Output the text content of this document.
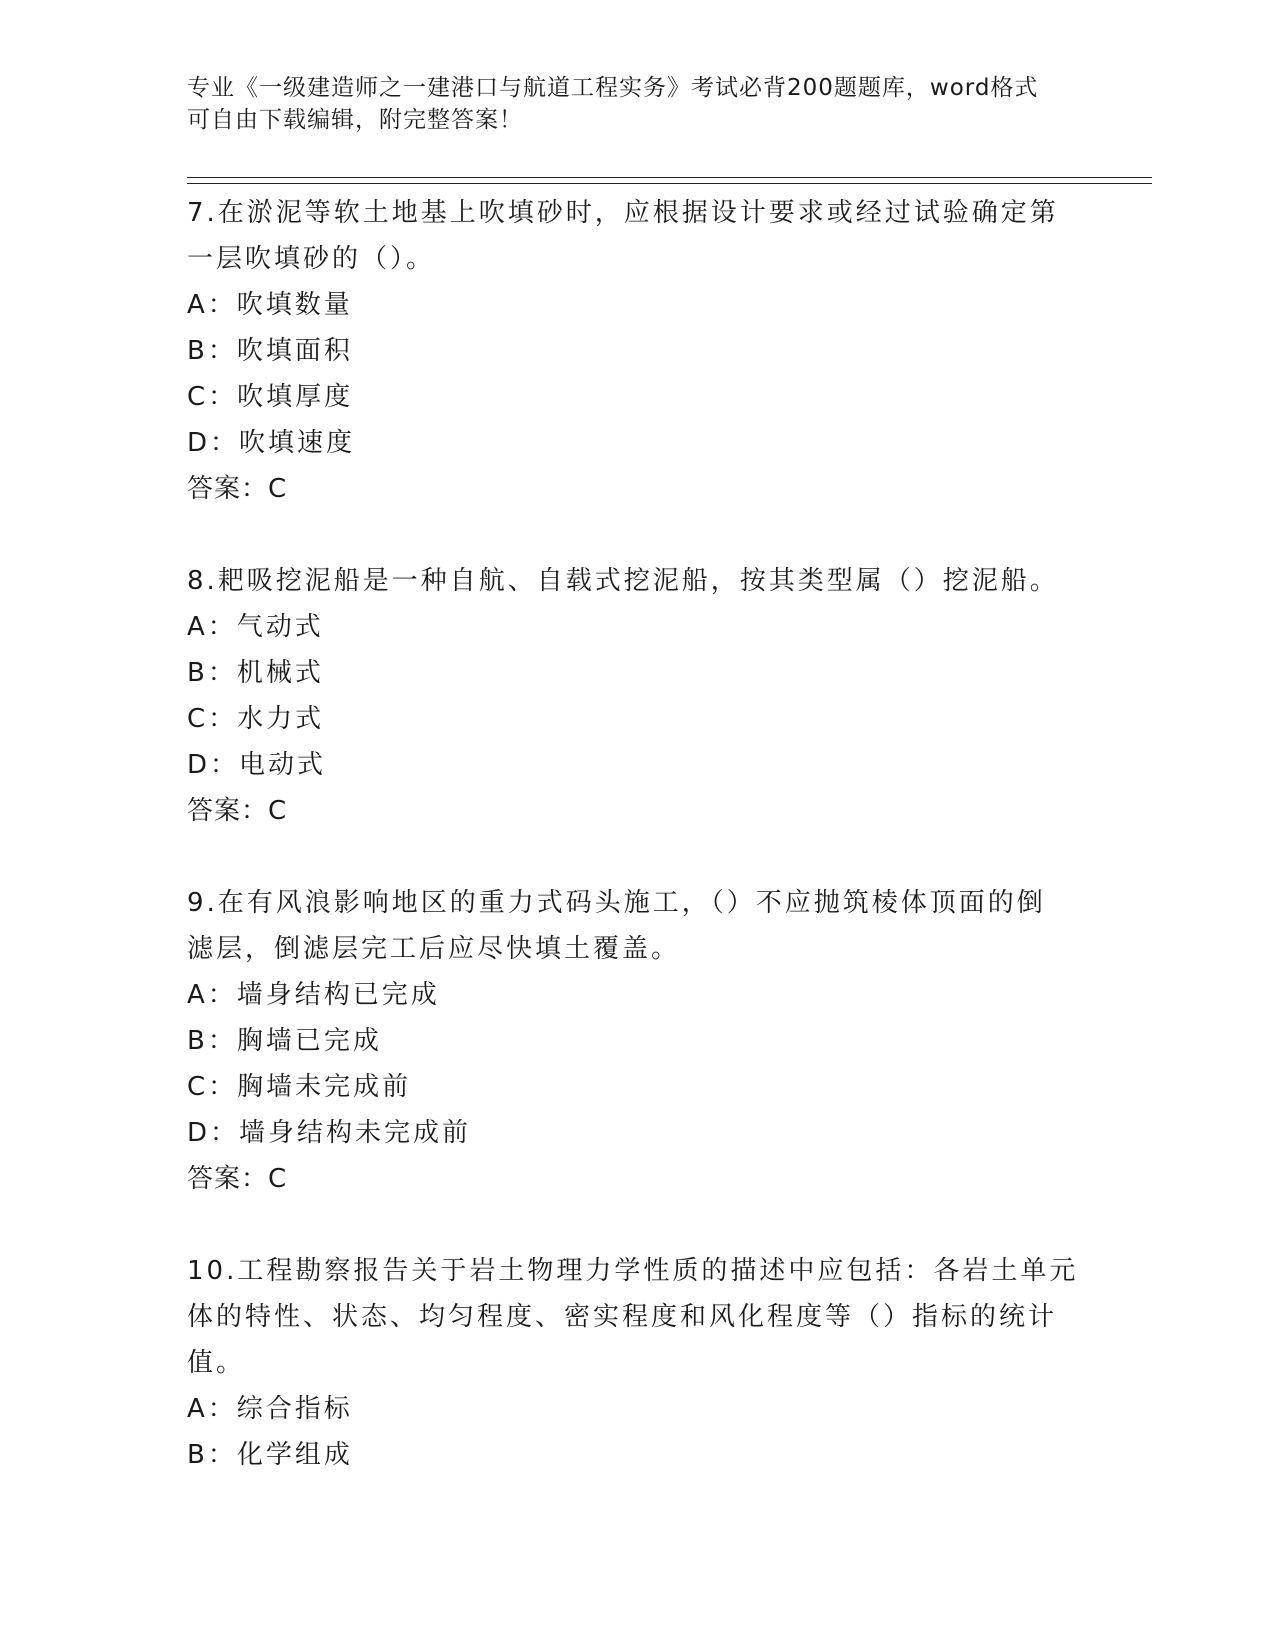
专业《一级建造师之一建港口与航道工程实务》考试必背200题题库，word格式
可自由下载编辑，附完整答案！
7.在淤泥等软土地基上吹填砂时，应根据设计要求或经过试验确定第
一层吹填砂的（）。
A：吹填数量
B：吹填面积
C：吹填厚度
D：吹填速度
答案：C
8.耙吸挖泥船是一种自航、自载式挖泥船，按其类型属（）挖泥船。
A：气动式
B：机械式
C：水力式
D：电动式
答案：C
9.在有风浪影响地区的重力式码头施工，（）不应抛筑棱体顶面的倒
滤层，倒滤层完工后应尽快填土覆盖。
A：墙身结构已完成
B：胸墙已完成
C：胸墙未完成前
D：墙身结构未完成前
答案：C
10.工程勘察报告关于岩土物理力学性质的描述中应包括：各岩土单元
体的特性、状态、均匀程度、密实程度和风化程度等（）指标的统计
值。
A：综合指标
B：化学组成
